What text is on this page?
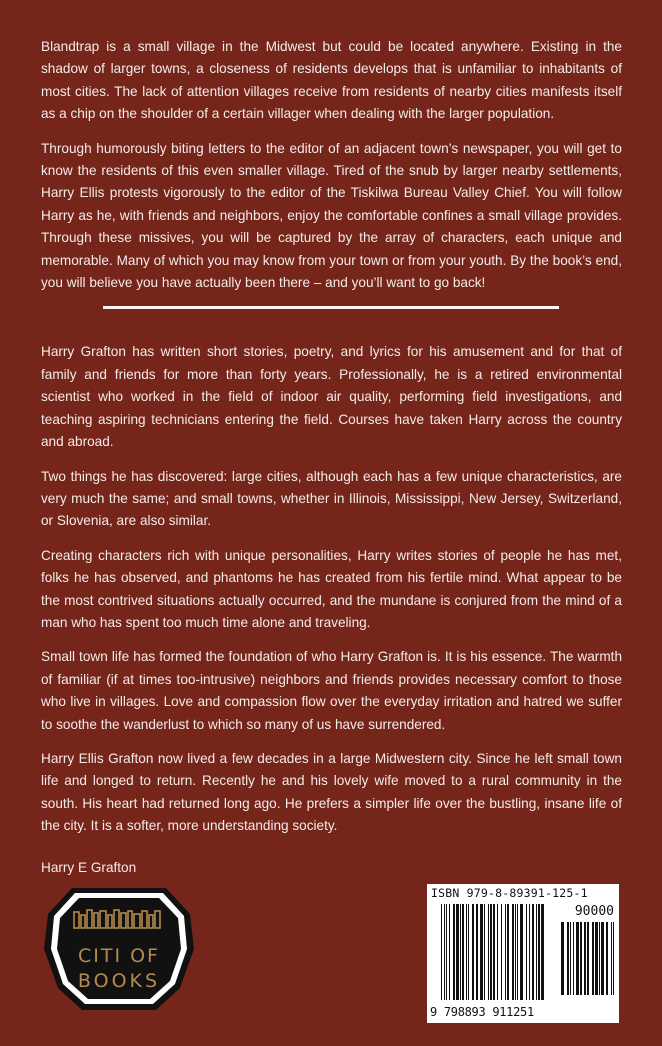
Blandtrap is a small village in the Midwest but could be located anywhere. Existing in the shadow of larger towns, a closeness of residents develops that is unfamiliar to inhabitants of most cities. The lack of attention villages receive from residents of nearby cities manifests itself as a chip on the shoulder of a certain villager when dealing with the larger population.

Through humorously biting letters to the editor of an adjacent town’s newspaper, you will get to know the residents of this even smaller village. Tired of the snub by larger nearby settlements, Harry Ellis protests vigorously to the editor of the Tiskilwa Bureau Valley Chief. You will follow Harry as he, with friends and neighbors, enjoy the comfortable confines a small village provides. Through these missives, you will be captured by the array of characters, each unique and memorable. Many of which you may know from your town or from your youth. By the book’s end, you will believe you have actually been there – and you’ll want to go back!

Harry Grafton has written short stories, poetry, and lyrics for his amusement and for that of family and friends for more than forty years. Professionally, he is a retired environmental scientist who worked in the field of indoor air quality, performing field investigations, and teaching aspiring technicians entering the field. Courses have taken Harry across the country and abroad.

Two things he has discovered: large cities, although each has a few unique characteristics, are very much the same; and small towns, whether in Illinois, Mississippi, New Jersey, Switzerland, or Slovenia, are also similar.

Creating characters rich with unique personalities, Harry writes stories of people he has met, folks he has observed, and phantoms he has created from his fertile mind. What appear to be the most contrived situations actually occurred, and the mundane is conjured from the mind of a man who has spent too much time alone and traveling.

Small town life has formed the foundation of who Harry Grafton is. It is his essence. The warmth of familiar (if at times too-intrusive) neighbors and friends provides necessary comfort to those who live in villages. Love and compassion flow over the everyday irritation and hatred we suffer to soothe the wanderlust to which so many of us have surrendered.

Harry Ellis Grafton now lived a few decades in a large Midwestern city. Since he left small town life and longed to return. Recently he and his lovely wife moved to a rural community in the south. His heart had returned long ago. He prefers a simpler life over the bustling, insane life of the city. It is a softer, more understanding society.

Harry E Grafton
CITI OF
BOOKS
ISBN 979-8-89391-125-1
90000
9 798893 911251
